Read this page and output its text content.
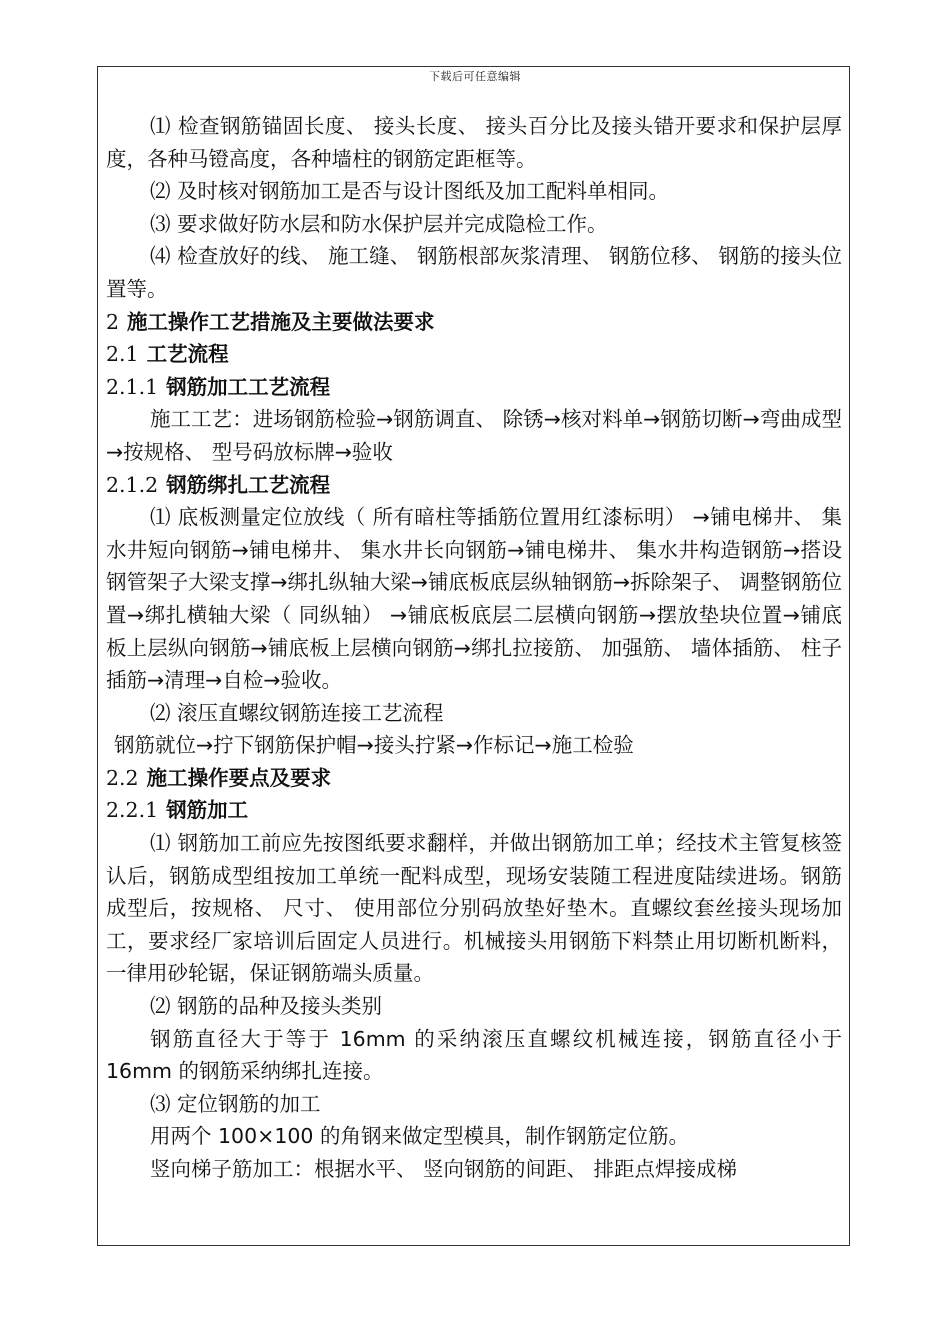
下载后可任意编辑

⑴ 检查钢筋锚固长度、 接头长度、 接头百分比及接头错开要求和保护层厚度，各种马镫高度，各种墙柱的钢筋定距框等。

⑵ 及时核对钢筋加工是否与设计图纸及加工配料单相同。

⑶ 要求做好防水层和防水保护层并完成隐检工作。

⑷ 检查放好的线、 施工缝、 钢筋根部灰浆清理、 钢筋位移、 钢筋的接头位置等。

2 施工操作工艺措施及主要做法要求
2.1 工艺流程
2.1.1 钢筋加工工艺流程

施工工艺：进场钢筋检验→钢筋调直、 除锈→核对料单→钢筋切断→弯曲成型→按规格、 型号码放标牌→验收

2.1.2 钢筋绑扎工艺流程

⑴ 底板测量定位放线（ 所有暗柱等插筋位置用红漆标明） →铺电梯井、 集水井短向钢筋→铺电梯井、 集水井长向钢筋→铺电梯井、 集水井构造钢筋→搭设钢管架子大梁支撑→绑扎纵轴大梁→铺底板底层纵轴钢筋→拆除架子、 调整钢筋位置→绑扎横轴大梁（ 同纵轴） →铺底板底层二层横向钢筋→摆放垫块位置→铺底板上层纵向钢筋→铺底板上层横向钢筋→绑扎拉接筋、 加强筋、 墙体插筋、 柱子插筋→清理→自检→验收。

⑵ 滚压直螺纹钢筋连接工艺流程

钢筋就位→拧下钢筋保护帽→接头拧紧→作标记→施工检验

2.2 施工操作要点及要求
2.2.1 钢筋加工

⑴ 钢筋加工前应先按图纸要求翻样，并做出钢筋加工单；经技术主管复核签认后，钢筋成型组按加工单统一配料成型，现场安装随工程进度陆续进场。钢筋成型后，按规格、 尺寸、 使用部位分别码放垫好垫木。直螺纹套丝接头现场加工，要求经厂家培训后固定人员进行。机械接头用钢筋下料禁止用切断机断料，一律用砂轮锯，保证钢筋端头质量。

⑵ 钢筋的品种及接头类别

钢筋直径大于等于 16mm 的采纳滚压直螺纹机械连接，钢筋直径小于 16mm 的钢筋采纳绑扎连接。

⑶ 定位钢筋的加工

用两个 100×100 的角钢来做定型模具，制作钢筋定位筋。

竖向梯子筋加工：根据水平、 竖向钢筋的间距、 排距点焊接成梯
